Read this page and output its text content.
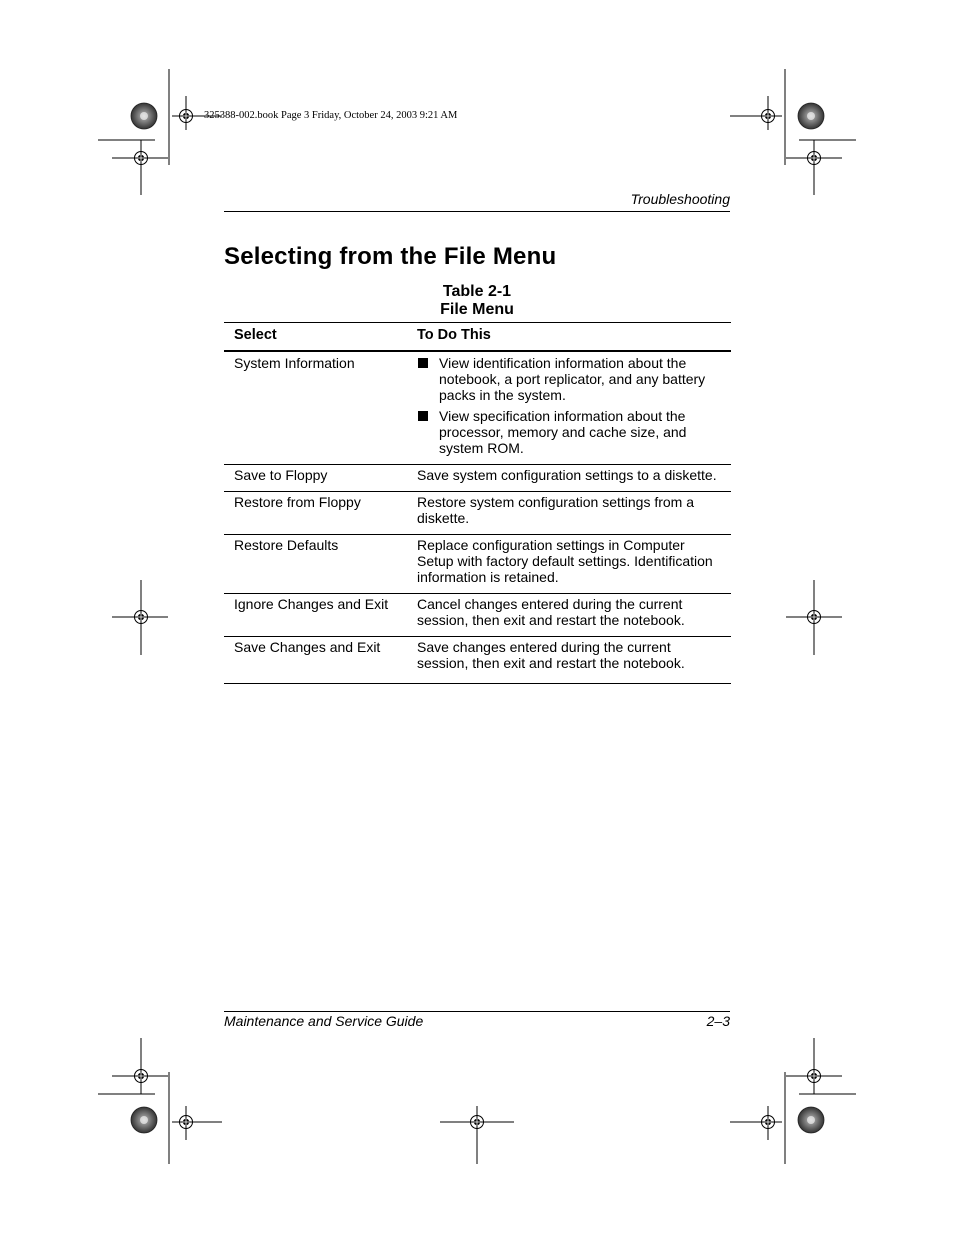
325388-002.book Page 3 Friday, October 24, 2003 9:21 AM
Troubleshooting
Selecting from the File Menu
Table 2-1
File Menu
Select	To Do This
System Information	View identification information about the notebook, a port replicator, and any battery packs in the system.
View specification information about the processor, memory and cache size, and system ROM.

Save to Floppy	Save system configuration settings to a diskette.
Restore from Floppy	Restore system configuration settings from a diskette.
Restore Defaults	Replace configuration settings in Computer Setup with factory default settings. Identification information is retained.
Ignore Changes and Exit	Cancel changes entered during the current session, then exit and restart the notebook.
Save Changes and Exit	Save changes entered during the current session, then exit and restart the notebook.
Maintenance and Service Guide	2–3
